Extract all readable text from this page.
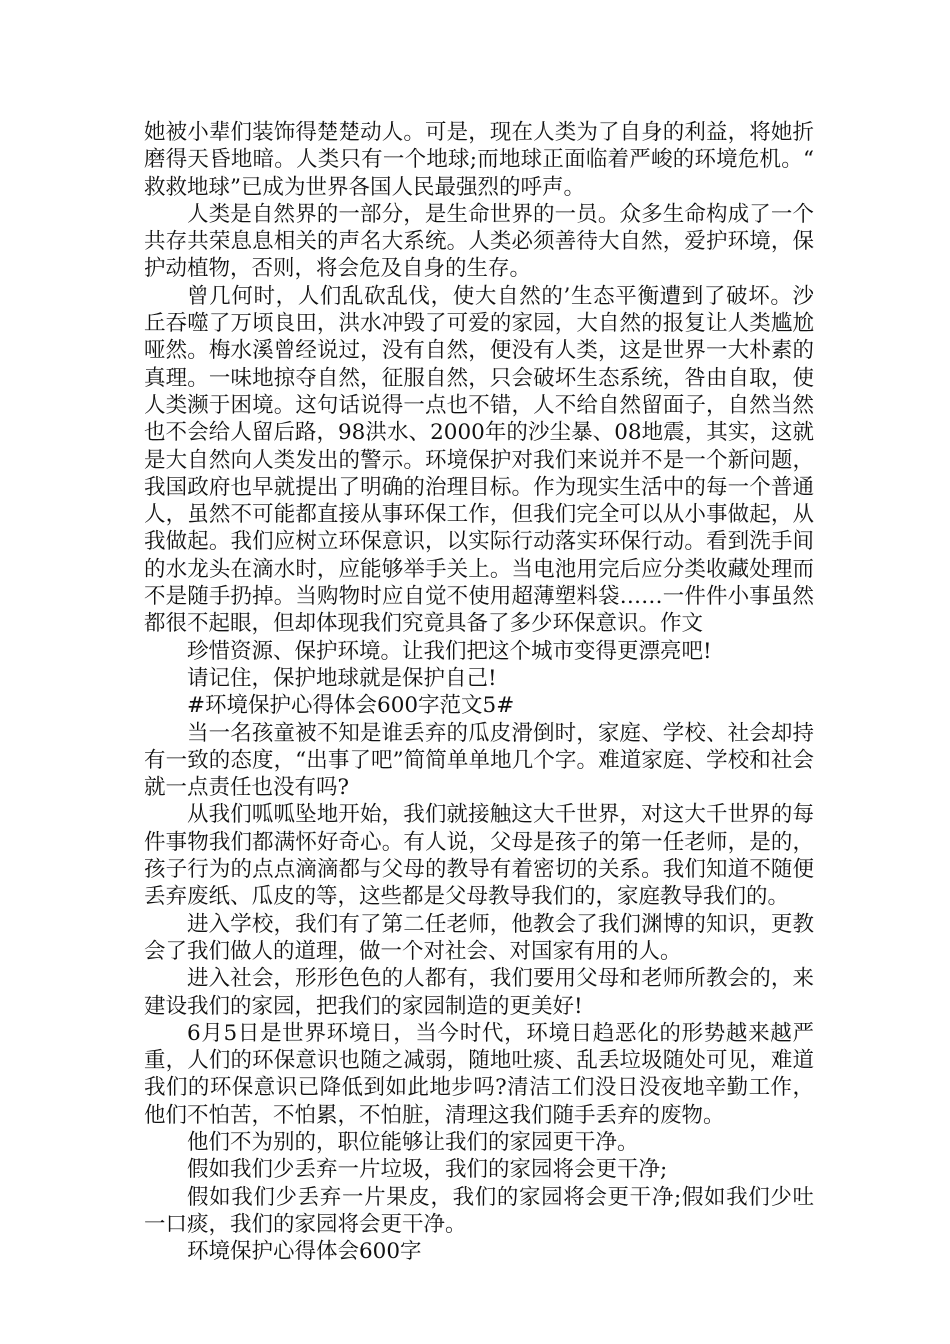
她被小辈们装饰得楚楚动人。可是，现在人类为了自身的利益，将她折磨得天昏地暗。人类只有一个地球;而地球正面临着严峻的环境危机。“救救地球”已成为世界各国人民最强烈的呼声。

人类是自然界的一部分，是生命世界的一员。众多生命构成了一个共存共荣息息相关的声名大系统。人类必须善待大自然，爱护环境，保护动植物，否则，将会危及自身的生存。

曾几何时，人们乱砍乱伐，使大自然的’生态平衡遭到了破坏。沙丘吞噬了万顷良田，洪水冲毁了可爱的家园，大自然的报复让人类尴尬哑然。梅水溪曾经说过，没有自然，便没有人类，这是世界一大朴素的真理。一味地掠夺自然，征服自然，只会破坏生态系统，咎由自取，使人类濒于困境。这句话说得一点也不错，人不给自然留面子，自然当然也不会给人留后路，98洪水、2000年的沙尘暴、08地震，其实，这就是大自然向人类发出的警示。环境保护对我们来说并不是一个新问题，我国政府也早就提出了明确的治理目标。作为现实生活中的每一个普通人，虽然不可能都直接从事环保工作，但我们完全可以从小事做起，从我做起。我们应树立环保意识，以实际行动落实环保行动。看到洗手间的水龙头在滴水时，应能够举手关上。当电池用完后应分类收藏处理而不是随手扔掉。当购物时应自觉不使用超薄塑料袋……一件件小事虽然都很不起眼，但却体现我们究竟具备了多少环保意识。作文

珍惜资源、保护环境。让我们把这个城市变得更漂亮吧!

请记住，保护地球就是保护自己!

#环境保护心得体会600字范文5#

当一名孩童被不知是谁丢弃的瓜皮滑倒时，家庭、学校、社会却持有一致的态度，“出事了吧”简简单单地几个字。难道家庭、学校和社会就一点责任也没有吗?

从我们呱呱坠地开始，我们就接触这大千世界，对这大千世界的每件事物我们都满怀好奇心。有人说，父母是孩子的第一任老师，是的，孩子行为的点点滴滴都与父母的教导有着密切的关系。我们知道不随便丢弃废纸、瓜皮的等，这些都是父母教导我们的，家庭教导我们的。

进入学校，我们有了第二任老师，他教会了我们渊博的知识，更教会了我们做人的道理，做一个对社会、对国家有用的人。

进入社会，形形色色的人都有，我们要用父母和老师所教会的，来建设我们的家园，把我们的家园制造的更美好!

6月5日是世界环境日，当今时代，环境日趋恶化的形势越来越严重，人们的环保意识也随之减弱，随地吐痰、乱丢垃圾随处可见，难道我们的环保意识已降低到如此地步吗?清洁工们没日没夜地辛勤工作，他们不怕苦，不怕累，不怕脏，清理这我们随手丢弃的废物。

他们不为别的，职位能够让我们的家园更干净。

假如我们少丢弃一片垃圾，我们的家园将会更干净;

假如我们少丢弃一片果皮，我们的家园将会更干净;假如我们少吐一口痰，我们的家园将会更干净。

环境保护心得体会600字
